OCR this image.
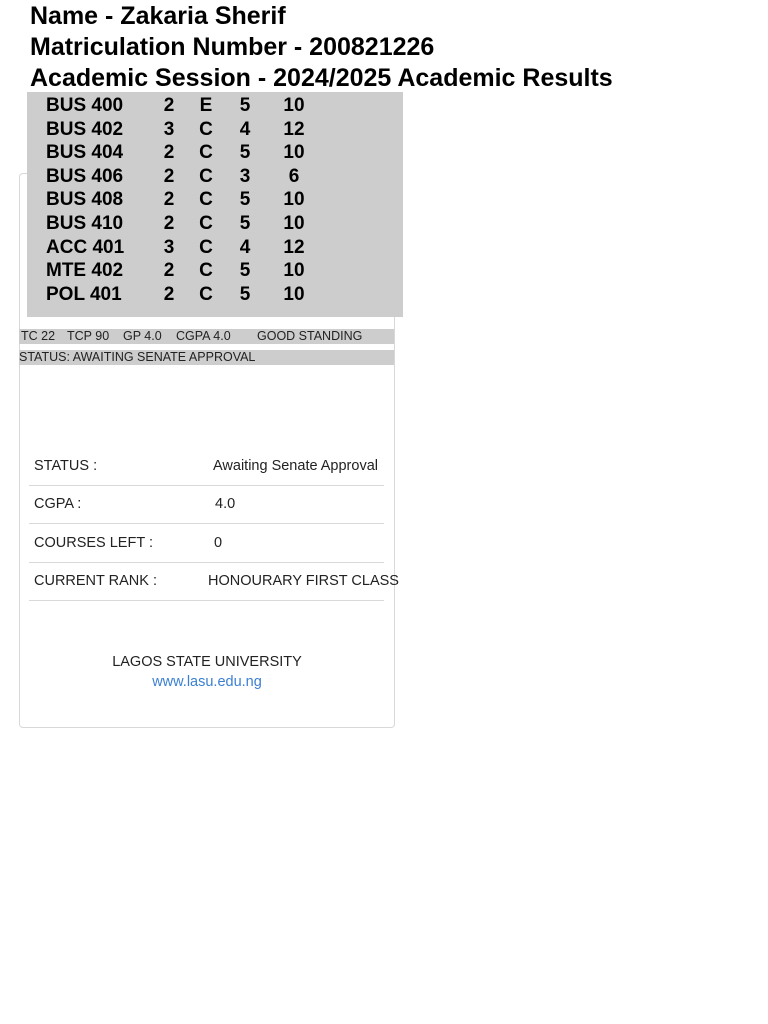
Name - Zakaria Sherif
Matriculation Number - 200821226
Academic Session - 2024/2025 Academic Results
BUS 400 2 E 5 10
BUS 402 3 C 4 12
BUS 404 2 C 5 10
BUS 406 2 C 3	6
BUS 408 2 C 5 10
BUS 410 2 C 5 10
ACC 401 3 C 4 12
MTE 402 2 C 5 10
POL 401 2 C 5 10
TC 22 TCP 90 GP 4.0 CGPA 4.0 GOOD STANDING
STATUS: AWAITING SENATE APPROVAL
STATUS :	Awaiting Senate Approval
CGPA :	4.0
COURSES LEFT :	0
CURRENT RANK :	HONOURARY FIRST CLASS
LAGOS STATE UNIVERSITY
www.lasu.edu.ng
